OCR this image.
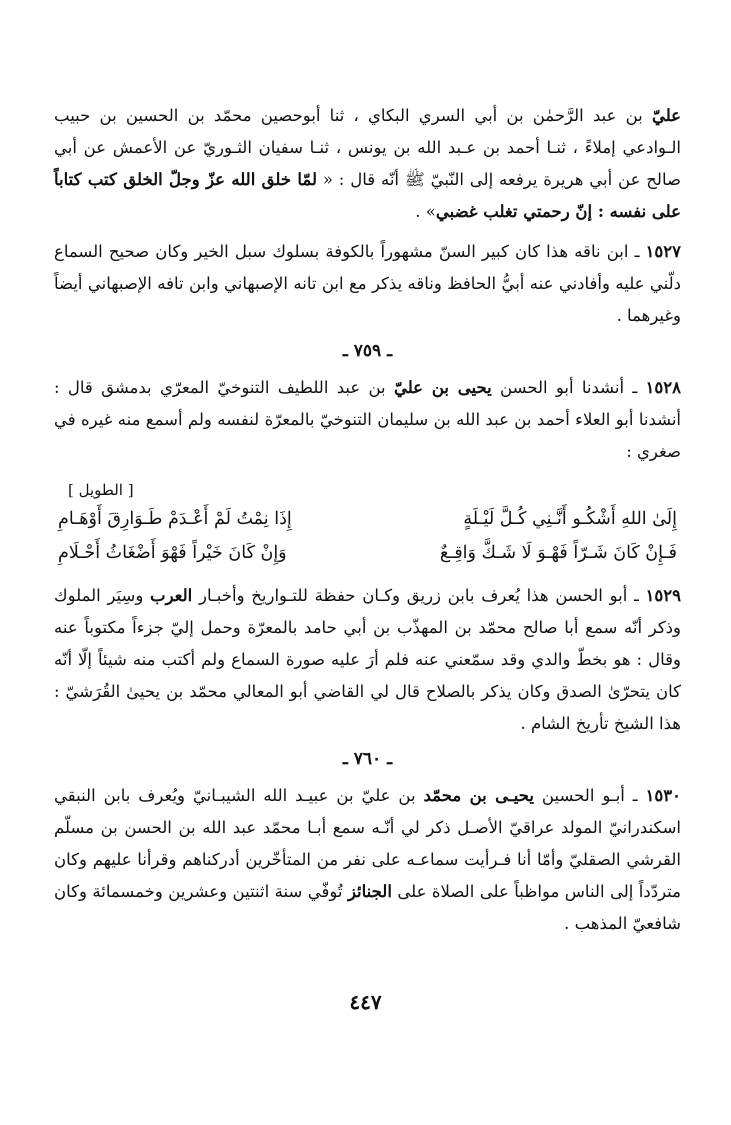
عليّ بن عبد الرَّحمٰن بن أبي السري البكاي ، ثنا أبوحصين محمّد بن الحسين بن حبيب الـوادعي إملاءً ، ثنـا أحمد بن عـبد الله بن يونس ، ثنـا سفيان الثـوريّ عن الأعمش عن أبي صالح عن أبي هريرة يرفعه إلى النّبيّ ﷺ أنّه قال : « لمّا خلق الله عزّ وجلّ الخلق كتب كتاباً على نفسه : إنّ رحمتي تغلب غضبي» .

١٥٢٧ ـ ابن ناقه هذا كان كبير السنّ مشهوراً بالكوفة بسلوك سبل الخير وكان صحيح السماع دلّني عليه وأفادني عنه أبيُّ الحافظ وناقه يذكر مع ابن تانه الإصبهاني وابن تافه الإصبهاني أيضاً وغيرهما .

ـ ٧٥٩ ـ

١٥٢٨ ـ أنشدنا أبو الحسن يحيى بن عليّ بن عبد اللطيف التنوخيّ المعرّي بدمشق قال : أنشدنا أبو العلاء أحمد بن عبد الله بن سليمان التنوخيّ بالمعرّة لنفسه ولم أسمع منه غيره في صغري :

[ الطويل ]
إِلَىٰ اللهِ أَشْكُـو أَنَّـنِي كُـلَّ لَيْـلَةٍ
إِذَا نِمْتُ لَمْ أَعْـدَمْ طَـوَارِقَ أَوْهَـامِ
فَـإِنْ كَانَ شَـرّاً فَهْـوَ لَا شَـكَّ وَاقِـعٌ
وَإِنْ كَانَ خَيْراً فَهْوَ أَضْغَاثُ أَحْـلَامِ

١٥٢٩ ـ أبو الحسن هذا يُعرف بابن زريق وكـان حفظة للتـواريخ وأخبـار العرب وسِيَر الملوك وذكر أنّه سمع أبا صالح محمّد بن المهذّب بن أبي حامد بالمعرّة وحمل إليّ جزءاً مكتوباً عنه وقال : هو بخطّ والدي وقد سمّعني عنه فلم أرَ عليه صورة السماع ولم أكتب منه شيئاً إلّا أنّه كان يتحرّىٰ الصدق وكان يذكر بالصلاح قال لي القاضي أبو المعالي محمّد بن يحيىٰ القُرَشيّ : هذا الشيخ تأريخ الشام .

ـ ٧٦٠ ـ

١٥٣٠ ـ أبـو الحسين يحيـى بن محمّد بن عليّ بن عبيـد الله الشيبـانيّ ويُعرف بابن النبقي اسكندرانيّ المولد عراقيّ الأصـل ذكر لي أنّـه سمع أبـا محمّد عبد الله بن الحسن بن مسلّم القرشي الصقليّ وأمّا أنا فـرأيت سماعـه على نفر من المتأخّرين أدركناهم وقرأنا عليهم وكان متردّداً إلى الناس مواظباً على الصلاة على الجنائز تُوفّي سنة اثنتين وعشرين وخمسمائة وكان شافعيّ المذهب .

٤٤٧
